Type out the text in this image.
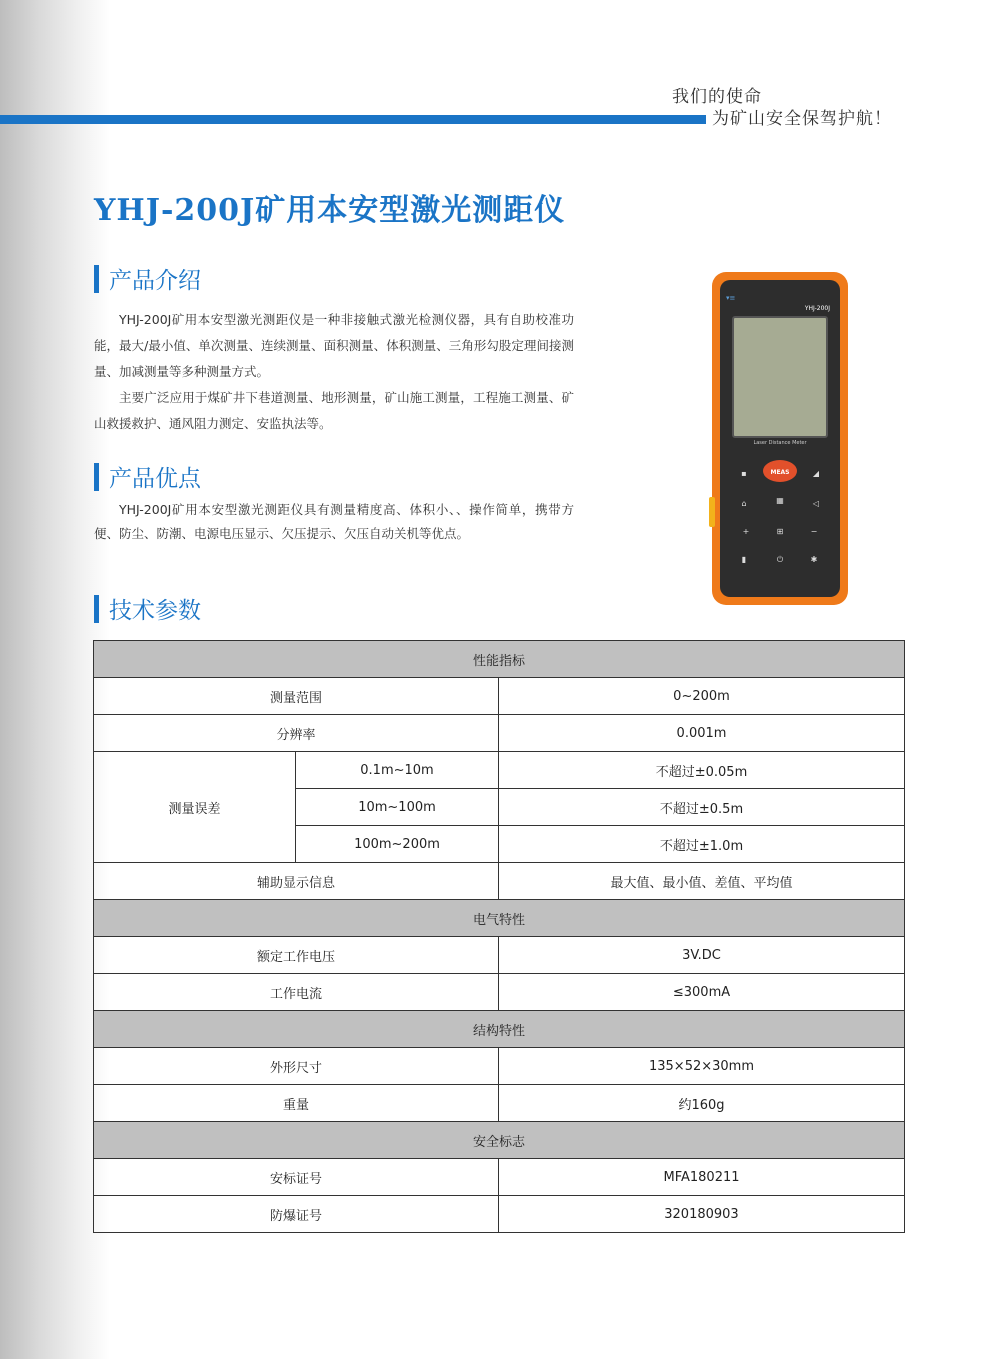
我们的使命
为矿山安全保驾护航！
YHJ-200J矿用本安型激光测距仪
产品介绍

YHJ-200J矿用本安型激光测距仪是一种非接触式激光检测仪器，具有自助校准功能，最大/最小值、单次测量、连续测量、面积测量、体积测量、三角形勾股定理间接测量、加减测量等多种测量方式。

主要广泛应用于煤矿井下巷道测量、地形测量，矿山施工测量，工程施工测量、矿山救援救护、通风阻力测定、安监执法等。

产品优点

YHJ-200J矿用本安型激光测距仪具有测量精度高、体积小、、操作简单，携带方便、防尘、防潮、电源电压显示、欠压提示、欠压自动关机等优点。

技术参数
▾≡
YHJ-200J
Laser Distance Meter
MEAS
▪	◢
▦
⌂	◁
+	⊞	−
▮	⏻	✱
性能指标		
测量范围		0~200m
分辨率		0.001m
测量误差	0.1m~10m	不超过±0.05m
	10m~100m	不超过±0.5m
	100m~200m	不超过±1.0m
辅助显示信息		最大值、最小值、差值、平均值
电气特性		
额定工作电压		3V.DC
工作电流		≤300mA
结构特性		
外形尺寸		135×52×30mm
重量		约160g
安全标志		
安标证号		MFA180211
防爆证号		320180903
